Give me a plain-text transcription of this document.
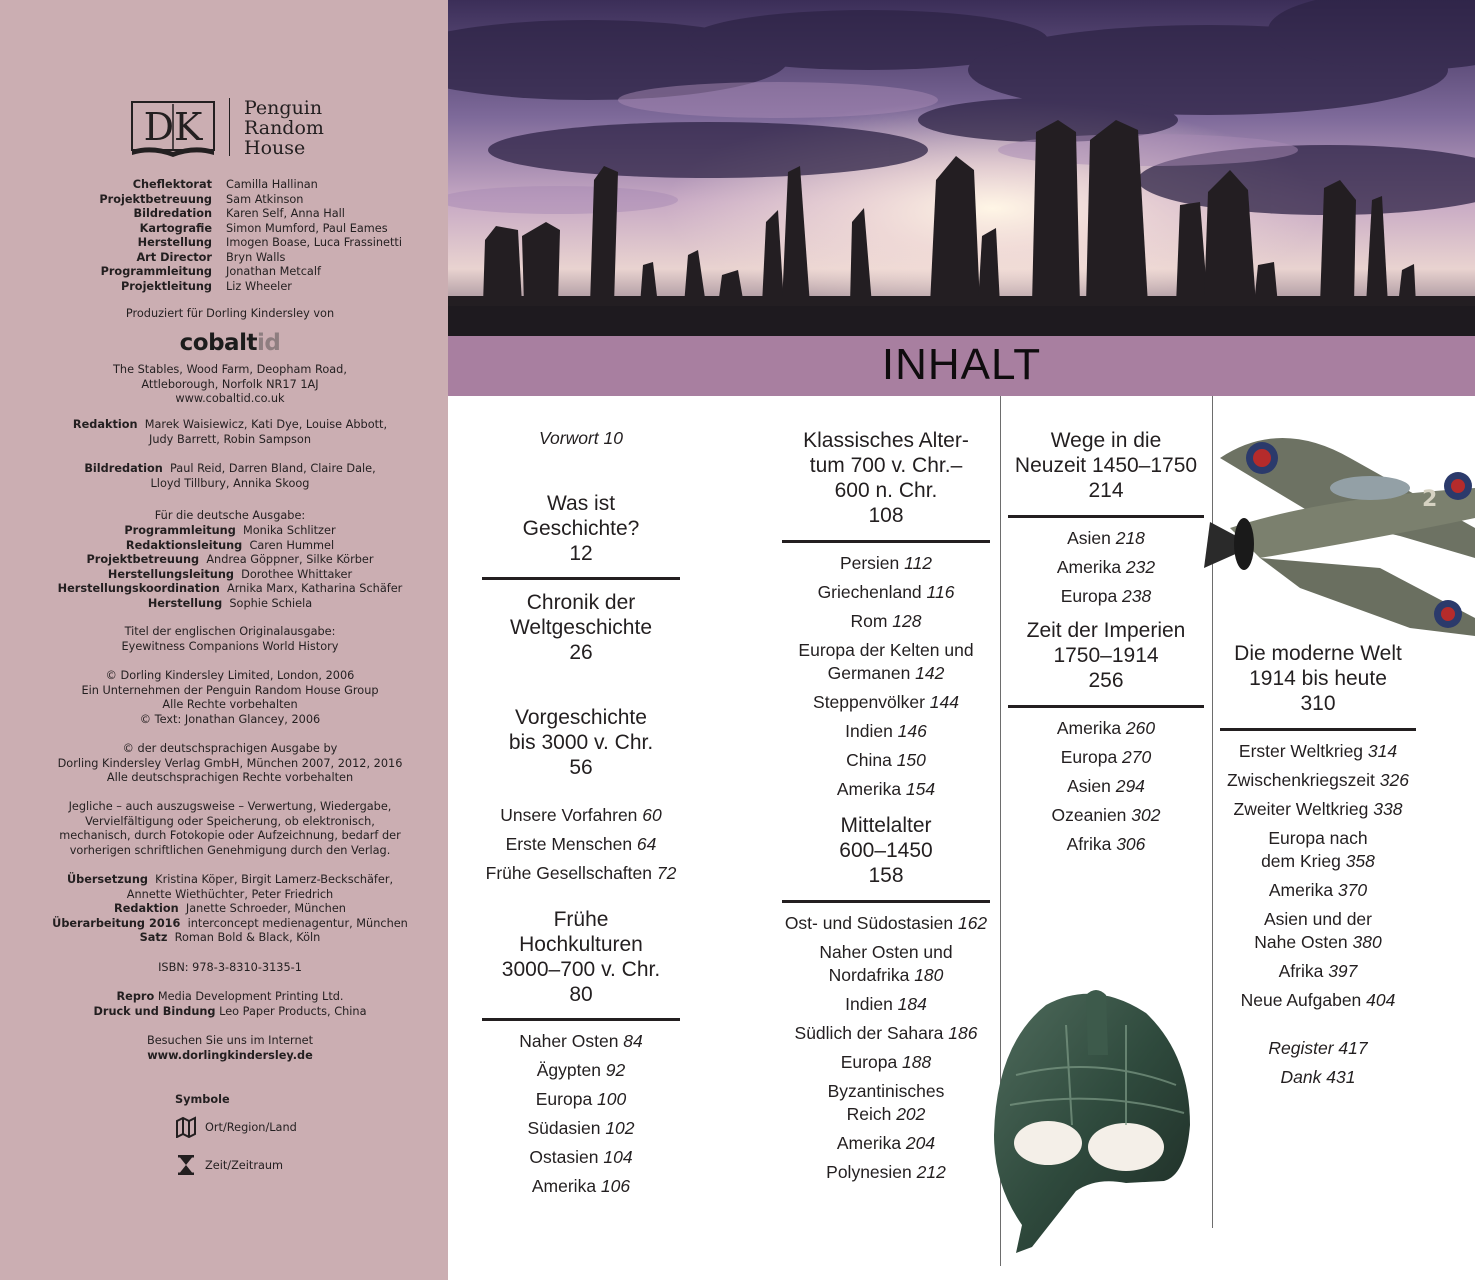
DK Penguin
Random
House
Cheflektorat	Camilla Hallinan
Projektbetreuung	Sam Atkinson
Bildredation	Karen Self, Anna Hall
Kartografie	Simon Mumford, Paul Eames
Herstellung	Imogen Boase, Luca Frassinetti
Art Director	Bryn Walls
Programmleitung	Jonathan Metcalf
Projektleitung	Liz Wheeler
Produziert für Dorling Kindersley von
cobaltid
The Stables, Wood Farm, Deopham Road,
Attleborough, Norfolk NR17 1AJ
www.cobaltid.co.uk
Redaktion Marek Waisiewicz, Kati Dye, Louise Abbott,
Judy Barrett, Robin Sampson
Bildredation Paul Reid, Darren Bland, Claire Dale,
Lloyd Tillbury, Annika Skoog
Für die deutsche Ausgabe:
Programmleitung Monika Schlitzer
Redaktionsleitung Caren Hummel
Projektbetreuung Andrea Göppner, Silke Körber
Herstellungsleitung Dorothee Whittaker
Herstellungskoordination Arnika Marx, Katharina Schäfer
Herstellung Sophie Schiela
Titel der englischen Originalausgabe:
Eyewitness Companions World History
© Dorling Kindersley Limited, London, 2006
Ein Unternehmen der Penguin Random House Group
Alle Rechte vorbehalten
© Text: Jonathan Glancey, 2006
© der deutschsprachigen Ausgabe by
Dorling Kindersley Verlag GmbH, München 2007, 2012, 2016
Alle deutschsprachigen Rechte vorbehalten
Jegliche – auch auszugsweise – Verwertung, Wiedergabe,
Vervielfältigung oder Speicherung, ob elektronisch,
mechanisch, durch Fotokopie oder Aufzeichnung, bedarf der
vorherigen schriftlichen Genehmigung durch den Verlag.
Übersetzung Kristina Köper, Birgit Lamerz-Beckschäfer,
Annette Wiethüchter, Peter Friedrich
Redaktion Janette Schroeder, München
Überarbeitung 2016 interconcept medienagentur, München
Satz Roman Bold & Black, Köln
ISBN: 978-3-8310-3135-1
Repro Media Development Printing Ltd.
Druck und Bindung Leo Paper Products, China
Besuchen Sie uns im Internet
www.dorlingkindersley.de
Symbole
Ort/Region/Land
Zeit/Zeitraum
INHALT
Vorwort 10
Was ist
Geschichte?
12
Chronik der
Weltgeschichte
26
Vorgeschichte
bis 3000 v. Chr.
56
Unsere Vorfahren 60
Erste Menschen 64
Frühe Gesellschaften 72
Frühe
Hochkulturen
3000–700 v. Chr.
80
Naher Osten 84
Ägypten 92
Europa 100
Südasien 102
Ostasien 104
Amerika 106
Klassisches Alter-
tum 700 v. Chr.–
600 n. Chr.
108
Persien 112
Griechenland 116
Rom 128
Europa der Kelten und
Germanen 142
Steppenvölker 144
Indien 146
China 150
Amerika 154
Mittelalter
600–1450
158
Ost- und Südostasien 162
Naher Osten und
Nordafrika 180
Indien 184
Südlich der Sahara 186
Europa 188
Byzantinisches
Reich 202
Amerika 204
Polynesien 212
Wege in die
Neuzeit 1450–1750
214
Asien 218
Amerika 232
Europa 238
Zeit der Imperien
1750–1914
256
Amerika 260
Europa 270
Asien 294
Ozeanien 302
Afrika 306
2
Die moderne Welt
1914 bis heute
310
Erster Weltkrieg 314
Zwischenkriegszeit 326
Zweiter Weltkrieg 338
Europa nach
dem Krieg 358
Amerika 370
Asien und der
Nahe Osten 380
Afrika 397
Neue Aufgaben 404
Register 417
Dank 431
